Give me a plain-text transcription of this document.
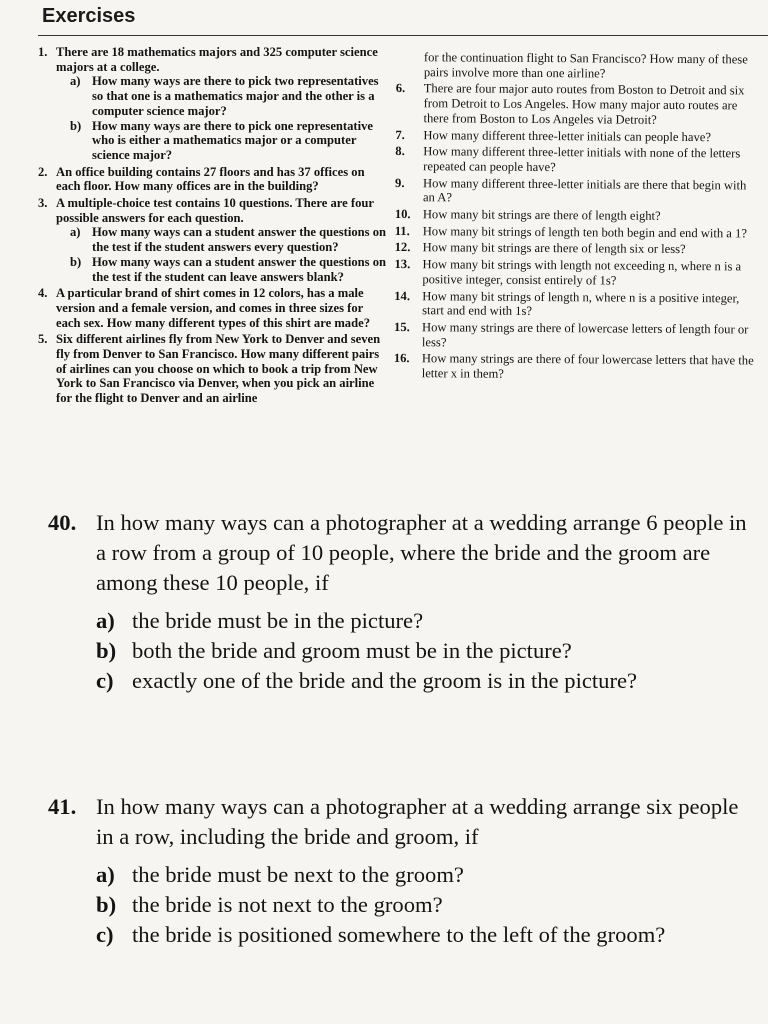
Exercises
1. There are 18 mathematics majors and 325 computer science majors at a college.
a) How many ways are there to pick two representatives so that one is a mathematics major and the other is a computer science major?
b) How many ways are there to pick one representative who is either a mathematics major or a computer science major?
2. An office building contains 27 floors and has 37 offices on each floor. How many offices are in the building?
3. A multiple-choice test contains 10 questions. There are four possible answers for each question.
a) How many ways can a student answer the questions on the test if the student answers every question?
b) How many ways can a student answer the questions on the test if the student can leave answers blank?
4. A particular brand of shirt comes in 12 colors, has a male version and a female version, and comes in three sizes for each sex. How many different types of this shirt are made?
5. Six different airlines fly from New York to Denver and seven fly from Denver to San Francisco. How many different pairs of airlines can you choose on which to book a trip from New York to San Francisco via Denver, when you pick an airline for the flight to Denver and an airline
for the continuation flight to San Francisco? How many of these pairs involve more than one airline?
6. There are four major auto routes from Boston to Detroit and six from Detroit to Los Angeles. How many major auto routes are there from Boston to Los Angeles via Detroit?
7. How many different three-letter initials can people have?
8. How many different three-letter initials with none of the letters repeated can people have?
9. How many different three-letter initials are there that begin with an A?
10. How many bit strings are there of length eight?
11. How many bit strings of length ten both begin and end with a 1?
12. How many bit strings are there of length six or less?
13. How many bit strings with length not exceeding n, where n is a positive integer, consist entirely of 1s?
14. How many bit strings of length n, where n is a positive integer, start and end with 1s?
15. How many strings are there of lowercase letters of length four or less?
16. How many strings are there of four lowercase letters that have the letter x in them?
40. In how many ways can a photographer at a wedding arrange 6 people in a row from a group of 10 people, where the bride and the groom are among these 10 people, if
a) the bride must be in the picture?
b) both the bride and groom must be in the picture?
c) exactly one of the bride and the groom is in the picture?
41. In how many ways can a photographer at a wedding arrange six people in a row, including the bride and groom, if
a) the bride must be next to the groom?
b) the bride is not next to the groom?
c) the bride is positioned somewhere to the left of the groom?
